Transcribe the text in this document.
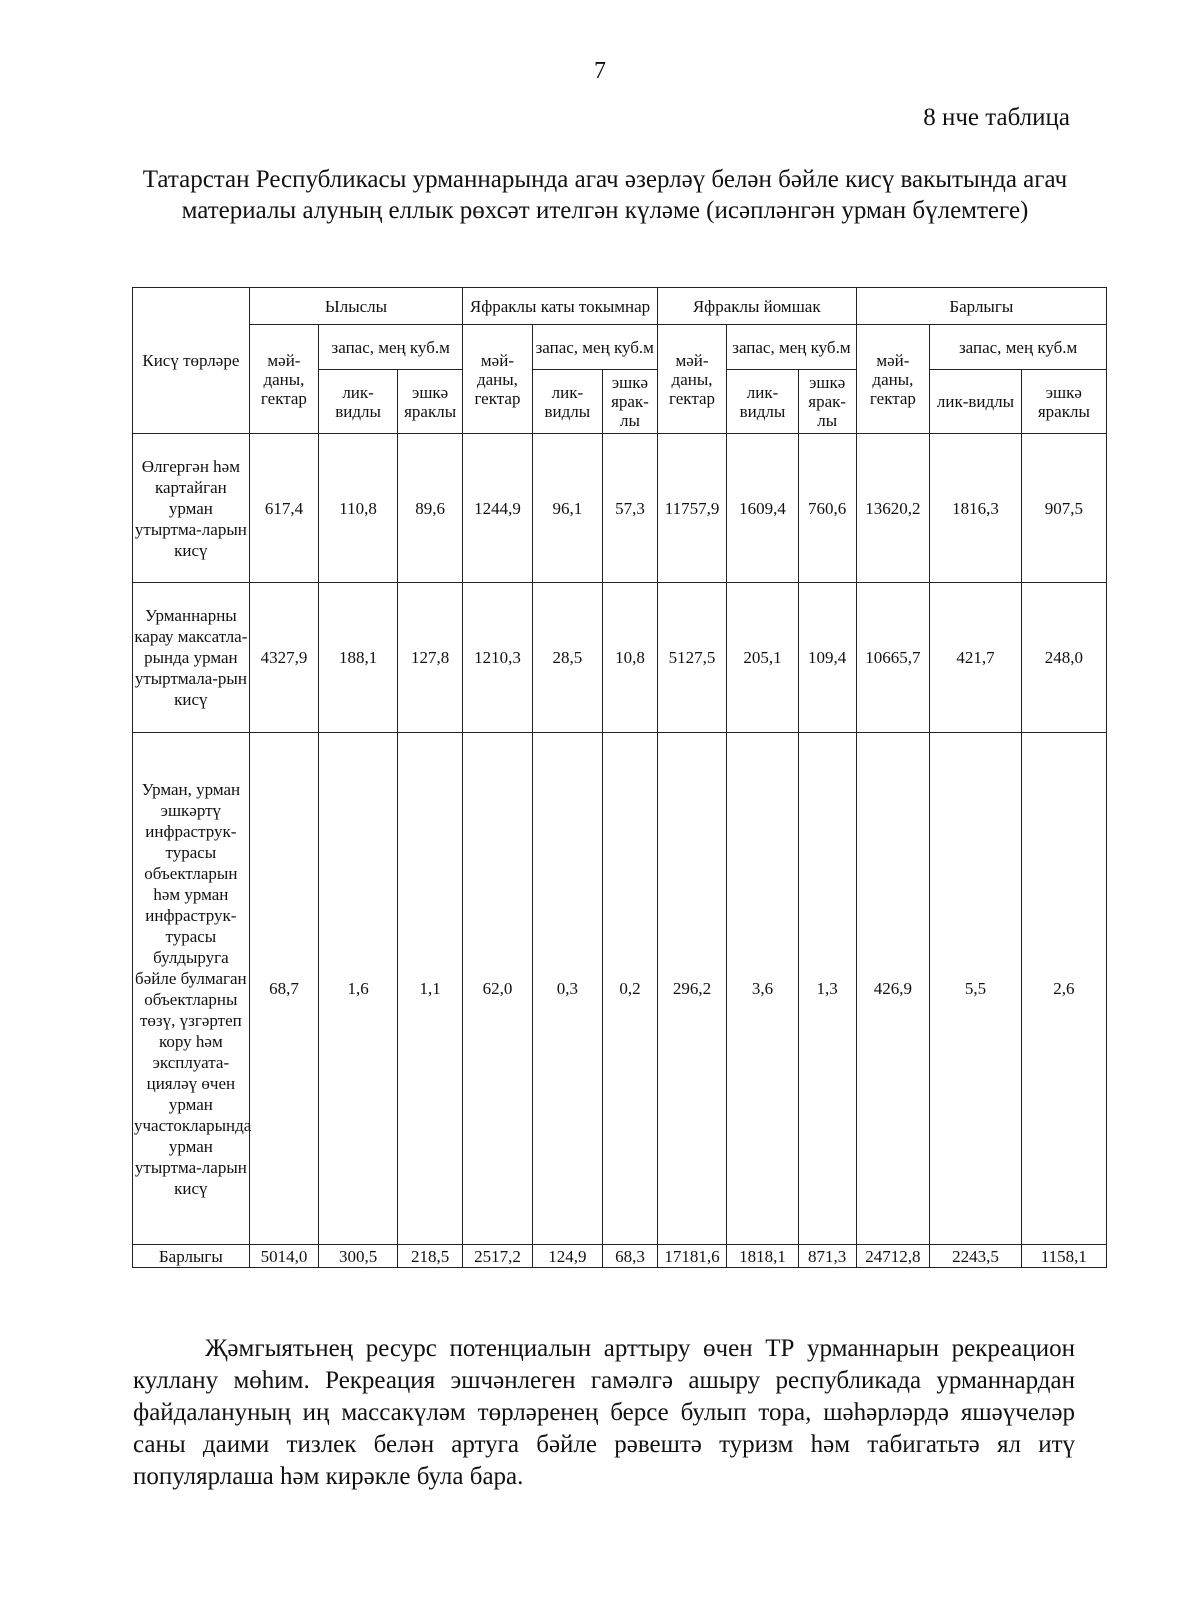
7
8 нче таблица
Татарстан Республикасы урманнарында агач әзерләү белән бәйле кисү вакытында агач материалы алуның еллык рөхсәт ителгән күләме (исәпләнгән урман бүлемтеге)
Кисү төрләре	Ылыслы			Яфраклы каты токымнар			Яфраклы йомшак			Барлыгы		
	мәй-даны, гектар	запас, мең куб.м		мәй-даны, гектар	запас, мең куб.м		мәй-даны, гектар	запас, мең куб.м		мәй-даны, гектар	запас, мең куб.м	
		лик-видлы	эшкә яраклы		лик-видлы	эшкә ярак-лы		лик-видлы	эшкә ярак-лы		лик-видлы	эшкә яраклы
Өлгергән һәм картайган урман утыртма-ларын кисү	617,4	110,8	89,6	1244,9	96,1	57,3	11757,9	1609,4	760,6	13620,2	1816,3	907,5
Урманнарны карау максатла-рында урман утыртмала-рын кисү	4327,9	188,1	127,8	1210,3	28,5	10,8	5127,5	205,1	109,4	10665,7	421,7	248,0
Урман, урман эшкәртү инфраструк-турасы объектларын һәм урман инфраструк-турасы булдыруга бәйле булмаган объектларны төзү, үзгәртеп кору һәм эксплуата-цияләү өчен урман участокларында урман утыртма-ларын кисү	68,7	1,6	1,1	62,0	0,3	0,2	296,2	3,6	1,3	426,9	5,5	2,6
Барлыгы	5014,0	300,5	218,5	2517,2	124,9	68,3	17181,6	1818,1	871,3	24712,8	2243,5	1158,1
Җәмгыятьнең ресурс потенциалын арттыру өчен ТР урманнарын рекреацион куллану мөһим. Рекреация эшчәнлеген гамәлгә ашыру республикада урманнардан файдалануның иң массакүләм төрләренең берсе булып тора, шәһәрләрдә яшәүчеләр саны даими тизлек белән артуга бәйле рәвештә туризм һәм табигатьтә ял итү популярлаша һәм кирәкле була бара.
